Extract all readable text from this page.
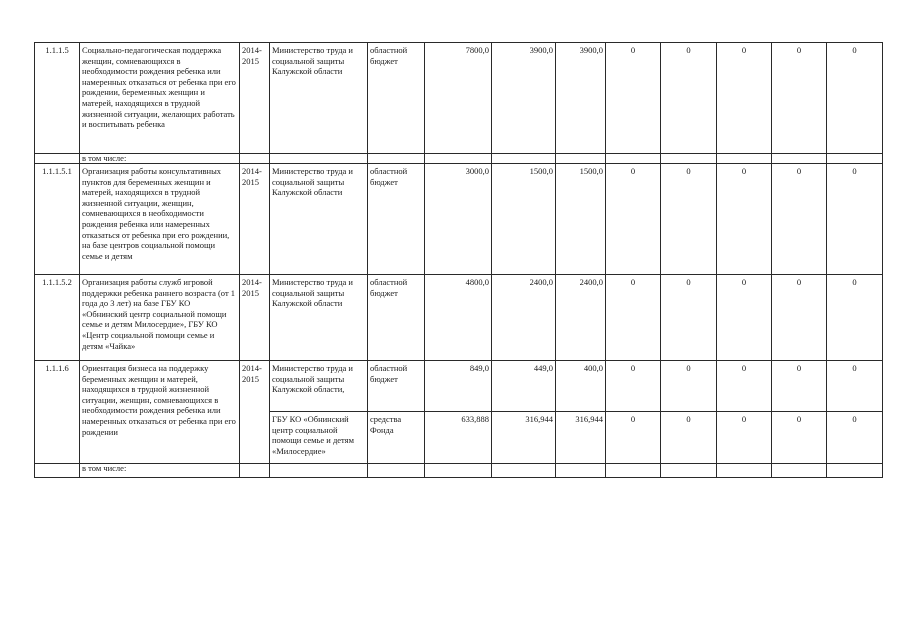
1.1.1.5	Социально-педагогическая поддержка женщин, сомневающихся в необходимости рождения ребенка или намеренных отказаться от ребенка при его рождении, беременных женщин и матерей, находящихся в трудной жизненной ситуации, желающих работать и воспитывать ребенка	2014-2015	Министерство труда и социальной защиты Калужской области	областной бюджет	7800,0	3900,0	3900,0	0	0	0	0	0
	в том числе:											
1.1.1.5.1	Организация работы консультативных пунктов для беременных женщин и матерей, находящихся в трудной жизненной ситуации, женщин, сомневающихся в необходимости рождения ребенка или намеренных отказаться от ребенка при его рождении, на базе центров социальной помощи семье и детям	2014-2015	Министерство труда и социальной защиты Калужской области	областной бюджет	3000,0	1500,0	1500,0	0	0	0	0	0
1.1.1.5.2	Организация работы служб игровой поддержки ребенка раннего возраста (от 1 года до 3 лет) на базе ГБУ КО «Обнинский центр социальной помощи семье и детям Милосердие», ГБУ КО «Центр социальной помощи семье и детям «Чайка»	2014-2015	Министерство труда и социальной защиты Калужской области	областной бюджет	4800,0	2400,0	2400,0	0	0	0	0	0
1.1.1.6	Ориентация бизнеса на поддержку беременных женщин и матерей, находящихся в трудной жизненной ситуации, женщин, сомневающихся в необходимости рождения ребенка или намеренных отказаться от ребенка при его рождении	2014-2015	Министерство труда и социальной защиты Калужской области,	областной бюджет	849,0	449,0	400,0	0	0	0	0	0
			ГБУ КО «Обнинский центр социальной помощи семье и детям «Милосердие»	средства Фонда	633,888	316,944	316,944	0	0	0	0	0
	в том числе:											
